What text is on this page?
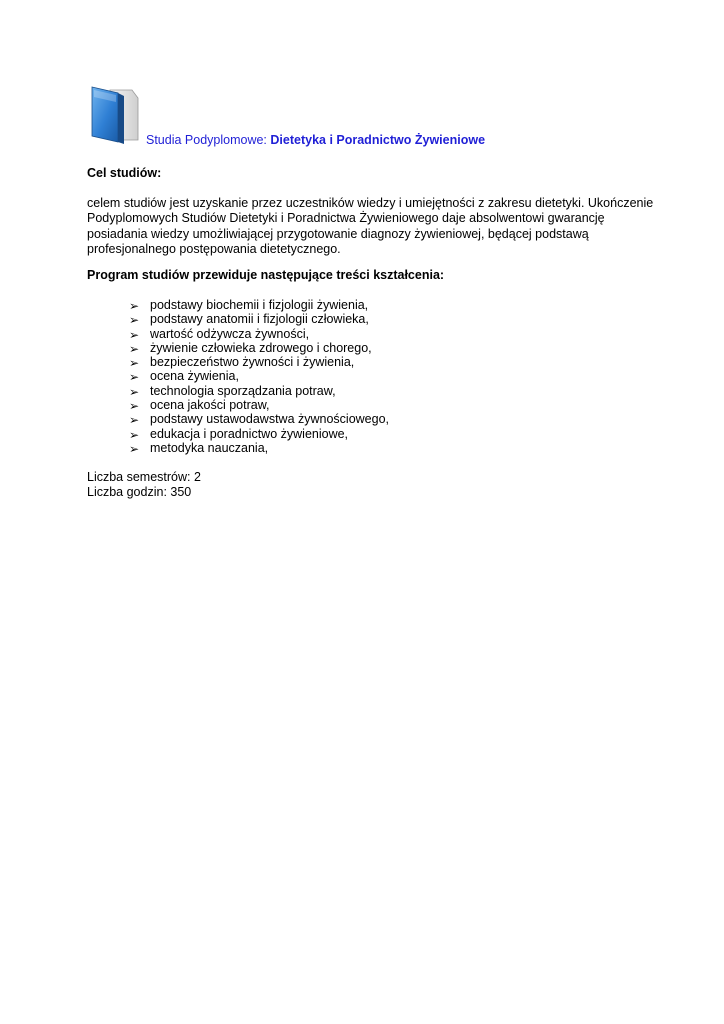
Studia Podyplomowe: Dietetyka i Poradnictwo Żywieniowe
Cel studiów:
celem studiów jest uzyskanie przez uczestników wiedzy i umiejętności z zakresu dietetyki. Ukończenie
Podyplomowych Studiów Dietetyki i Poradnictwa Żywieniowego daje absolwentowi gwarancję
posiadania wiedzy umożliwiającej przygotowanie diagnozy żywieniowej, będącej podstawą
profesjonalnego postępowania dietetycznego.
Program studiów przewiduje następujące treści kształcenia:
➢ podstawy biochemii i fizjologii żywienia,
➢ podstawy anatomii i fizjologii człowieka,
➢ wartość odżywcza żywności,
➢ żywienie człowieka zdrowego i chorego,
➢ bezpieczeństwo żywności i żywienia,
➢ ocena żywienia,
➢ technologia sporządzania potraw,
➢ ocena jakości potraw,
➢ podstawy ustawodawstwa żywnościowego,
➢ edukacja i poradnictwo żywieniowe,
➢ metodyka nauczania,
Liczba semestrów: 2
Liczba godzin: 350
